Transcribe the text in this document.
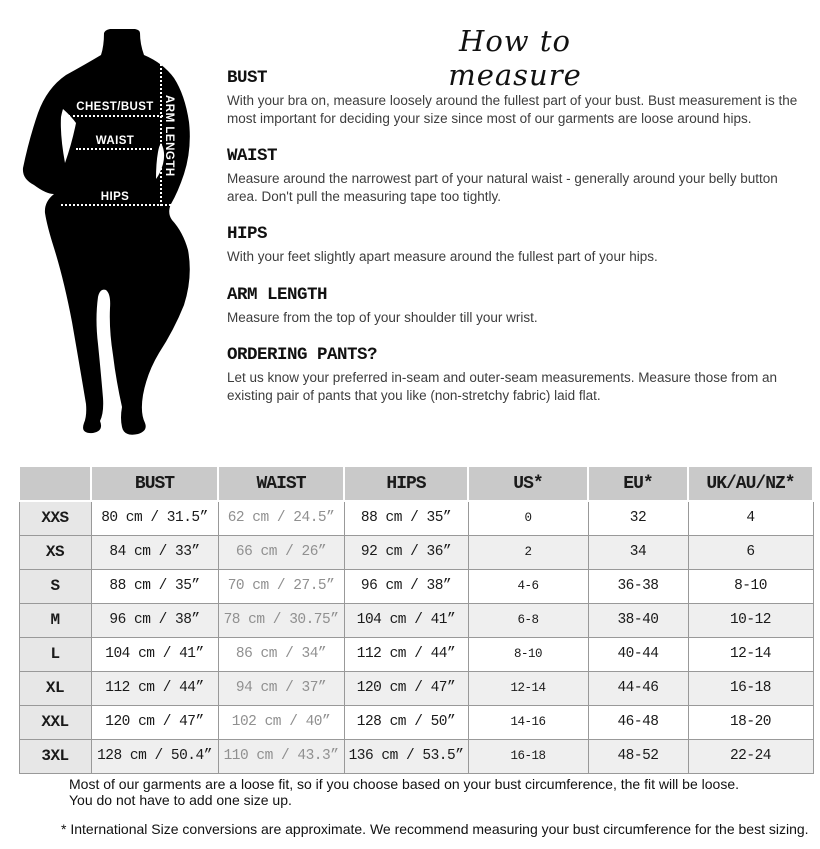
How to measure
CHEST/BUST
WAIST
HIPS
ARM LENGTH
BUST
With your bra on, measure loosely around the fullest part of your bust. Bust measurement is the most important for deciding your size since most of our garments are loose around hips.
WAIST
Measure around the narrowest part of your natural waist - generally around your belly button area. Don't pull the measuring tape too tightly.
HIPS
With your feet slightly apart measure around the fullest part of your hips.
ARM LENGTH
Measure from the top of your shoulder till your wrist.
ORDERING PANTS?
Let us know your preferred in-seam and outer-seam measurements. Measure those from an existing pair of pants that you like (non-stretchy fabric) laid flat.
	BUST	WAIST	HIPS	US*	EU*	UK/AU/NZ*
XXS	80 cm / 31.5”	62 cm / 24.5”	88 cm / 35”	0	32	4
XS	84 cm / 33”	66 cm / 26”	92 cm / 36”	2	34	6
S	88 cm / 35”	70 cm / 27.5”	96 cm / 38”	4-6	36-38	8-10
M	96 cm / 38”	78 cm / 30.75”	104 cm / 41”	6-8	38-40	10-12
L	104 cm / 41”	86 cm / 34”	112 cm / 44”	8-10	40-44	12-14
XL	112 cm / 44”	94 cm / 37”	120 cm / 47”	12-14	44-46	16-18
XXL	120 cm / 47”	102 cm / 40”	128 cm / 50”	14-16	46-48	18-20
3XL	128 cm / 50.4”	110 cm / 43.3”	136 cm / 53.5”	16-18	48-52	22-24
Most of our garments are a loose fit, so if you choose based on your bust circumference, the fit will be loose.
You do not have to add one size up.
* International Size conversions are approximate. We recommend measuring your bust circumference for the best sizing.
